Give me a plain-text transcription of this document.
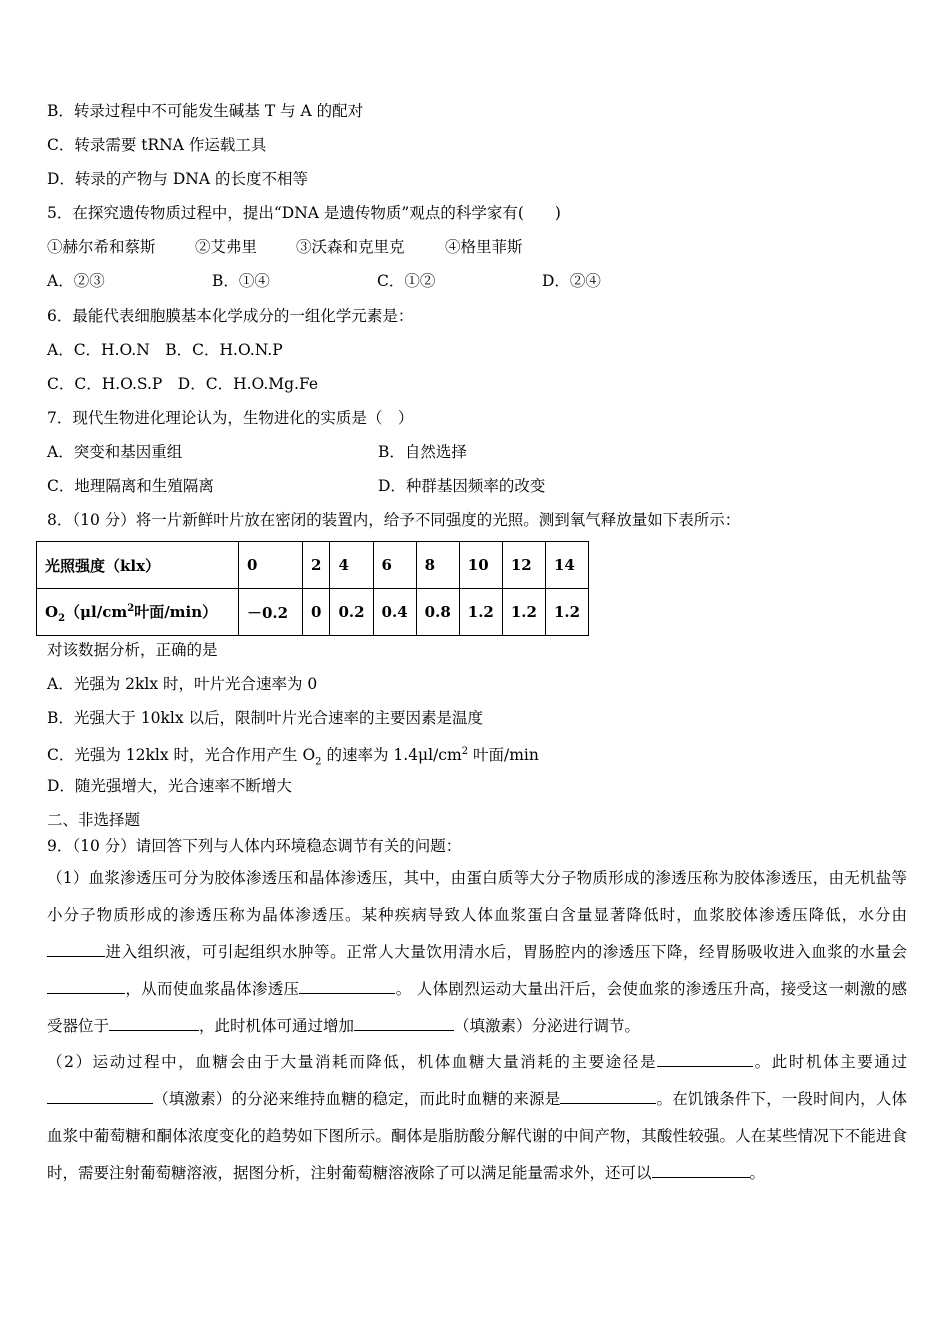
B．转录过程中不可能发生碱基 T 与 A 的配对
C．转录需要 tRNA 作运载工具
D．转录的产物与 DNA 的长度不相等
5．在探究遗传物质过程中，提出“DNA 是遗传物质”观点的科学家有(　　)
①赫尔希和蔡斯	②艾弗里	③沃森和克里克	④格里菲斯
A．②③	B．①④	C．①②	D．②④
6．最能代表细胞膜基本化学成分的一组化学元素是：
A．C．H.O.N　B．C．H.O.N.P
C．C．H.O.S.P　D．C．H.O.Mg.Fe
7．现代生物进化理论认为，生物进化的实质是（　）
A．突变和基因重组	B．自然选择
C．地理隔离和生殖隔离	D．种群基因频率的改变
8．（10 分）将一片新鲜叶片放在密闭的装置内，给予不同强度的光照。测到氧气释放量如下表所示：
光照强度（klx）	0	2	4	6	8	10	12	14
$O_2(\mu l/cm^2$叶面/min）	－0.2	0	0.2	0.4	0.8	1.2	1.2	1.2
对该数据分析，正确的是
A．光强为 2klx 时，叶片光合速率为 0
B．光强大于 10klx 以后，限制叶片光合速率的主要因素是温度
C．光强为 12klx 时，光合作用产生 $O_2$ 的速率为 $1.4\mu l/cm^2$ 叶面/min
D．随光强增大，光合速率不断增大
二、非选择题
9．（10 分）请回答下列与人体内环境稳态调节有关的问题：
（1）血浆渗透压可分为胶体渗透压和晶体渗透压，其中，由蛋白质等大分子物质形成的渗透压称为胶体渗透压，由无机盐等小分子物质形成的渗透压称为晶体渗透压。某种疾病导致人体血浆蛋白含量显著降低时，血浆胶体渗透压降低，水分由进入组织液，可引起组织水肿等。正常人大量饮用清水后，胃肠腔内的渗透压下降，经胃肠吸收进入血浆的水量会，从而使血浆晶体渗透压	。 人体剧烈运动大量出汗后，会使血浆的渗透压升高，接受这一刺激的感受器位于	，此时机体可通过增加	（填激素）分泌进行调节。
（2）运动过程中，血糖会由于大量消耗而降低，机体血糖大量消耗的主要途径是	。此时机体主要通过（填激素）的分泌来维持血糖的稳定，而此时血糖的来源是	。在饥饿条件下，一段时间内，人体血浆中葡萄糖和酮体浓度变化的趋势如下图所示。酮体是脂肪酸分解代谢的中间产物，其酸性较强。人在某些情况下不能进食时，需要注射葡萄糖溶液，据图分析，注射葡萄糖溶液除了可以满足能量需求外，还可以	。
